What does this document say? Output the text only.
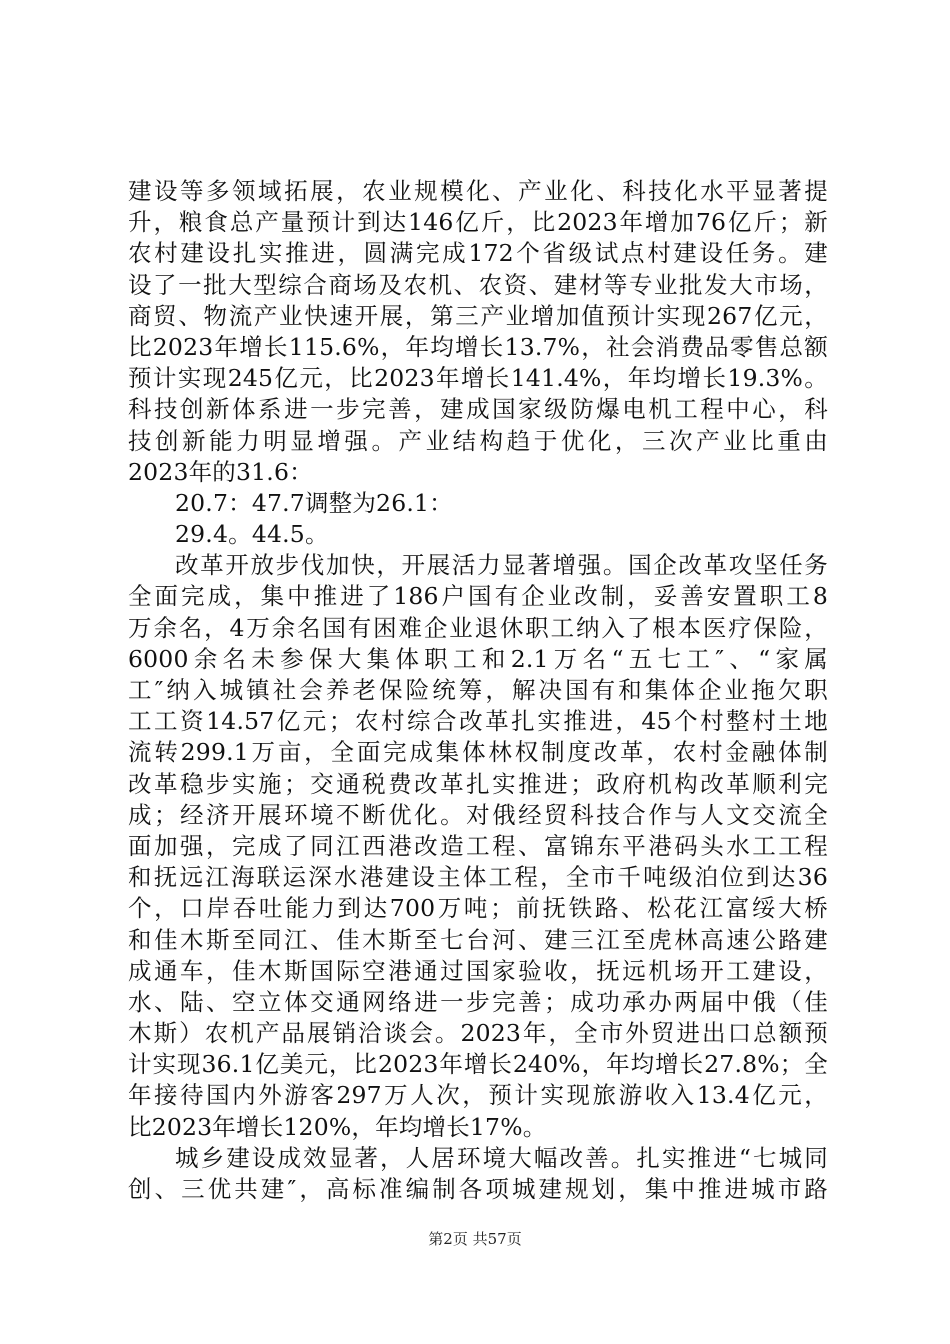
建设等多领域拓展，农业规模化、产业化、科技化水平显著提
升，粮食总产量预计到达146亿斤，比2023年增加76亿斤；新
农村建设扎实推进，圆满完成172个省级试点村建设任务。建
设了一批大型综合商场及农机、农资、建材等专业批发大市场，
商贸、物流产业快速开展，第三产业增加值预计实现267亿元，
比2023年增长115.6%，年均增长13.7%，社会消费品零售总额
预计实现245亿元，比2023年增长141.4%，年均增长19.3%。
科技创新体系进一步完善，建成国家级防爆电机工程中心，科
技创新能力明显增强。产业结构趋于优化，三次产业比重由
2023年的31.6：
20.7：47.7调整为26.1：
29.4。44.5。
改革开放步伐加快，开展活力显著增强。国企改革攻坚任务
全面完成，集中推进了186户国有企业改制，妥善安置职工8
万余名，4万余名国有困难企业退休职工纳入了根本医疗保险，
6000余名未参保大集体职工和2.1万名“五七工″、“家属
工″纳入城镇社会养老保险统筹，解决国有和集体企业拖欠职
工工资14.57亿元；农村综合改革扎实推进，45个村整村土地
流转299.1万亩，全面完成集体林权制度改革，农村金融体制
改革稳步实施；交通税费改革扎实推进；政府机构改革顺利完
成；经济开展环境不断优化。对俄经贸科技合作与人文交流全
面加强，完成了同江西港改造工程、富锦东平港码头水工工程
和抚远江海联运深水港建设主体工程，全市千吨级泊位到达36
个，口岸吞吐能力到达700万吨；前抚铁路、松花江富绥大桥
和佳木斯至同江、佳木斯至七台河、建三江至虎林高速公路建
成通车，佳木斯国际空港通过国家验收，抚远机场开工建设，
水、陆、空立体交通网络进一步完善；成功承办两届中俄（佳
木斯）农机产品展销洽谈会。2023年，全市外贸进出口总额预
计实现36.1亿美元，比2023年增长240%，年均增长27.8%；全
年接待国内外游客297万人次，预计实现旅游收入13.4亿元，
比2023年增长120%，年均增长17%。
城乡建设成效显著，人居环境大幅改善。扎实推进“七城同
创、三优共建″，高标准编制各项城建规划，集中推进城市路
第2页 共57页
